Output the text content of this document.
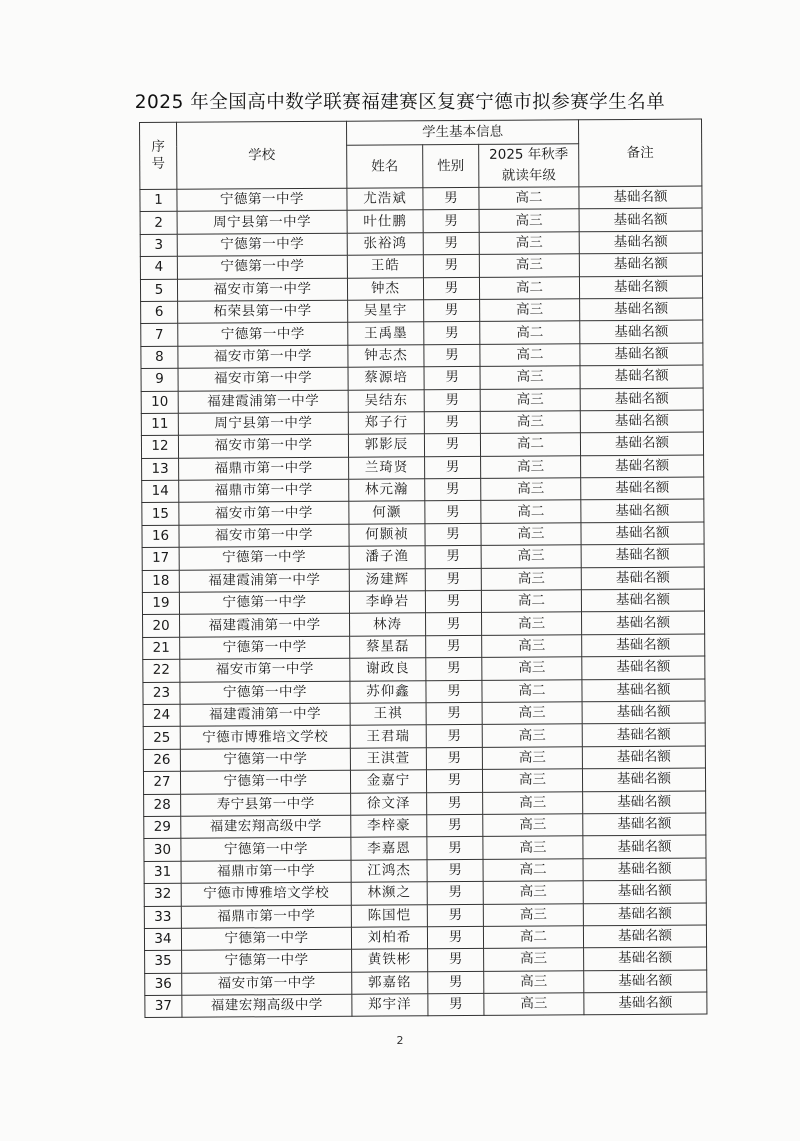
2025 年全国高中数学联赛福建赛区复赛宁德市拟参赛学生名单
序号	学校	学生基本信息			备注
		姓名	性别	2025 年秋季就读年级	

1	宁德第一中学	尤浩斌	男	高二	基础名额
2	周宁县第一中学	叶仕鹏	男	高三	基础名额
3	宁德第一中学	张裕鸿	男	高三	基础名额
4	宁德第一中学	王皓	男	高三	基础名额
5	福安市第一中学	钟杰	男	高二	基础名额
6	柘荣县第一中学	吴星宇	男	高三	基础名额
7	宁德第一中学	王禹墨	男	高二	基础名额
8	福安市第一中学	钟志杰	男	高二	基础名额
9	福安市第一中学	蔡源培	男	高三	基础名额
10	福建霞浦第一中学	吴结东	男	高三	基础名额
11	周宁县第一中学	郑子行	男	高三	基础名额
12	福安市第一中学	郭影辰	男	高二	基础名额
13	福鼎市第一中学	兰琦贤	男	高三	基础名额
14	福鼎市第一中学	林元瀚	男	高三	基础名额
15	福安市第一中学	何灏	男	高二	基础名额
16	福安市第一中学	何颢祯	男	高三	基础名额
17	宁德第一中学	潘子渔	男	高三	基础名额
18	福建霞浦第一中学	汤建辉	男	高三	基础名额
19	宁德第一中学	李峥岩	男	高二	基础名额
20	福建霞浦第一中学	林涛	男	高三	基础名额
21	宁德第一中学	蔡星磊	男	高三	基础名额
22	福安市第一中学	谢政良	男	高三	基础名额
23	宁德第一中学	苏仰鑫	男	高二	基础名额
24	福建霞浦第一中学	王祺	男	高三	基础名额
25	宁德市博雅培文学校	王君瑞	男	高三	基础名额
26	宁德第一中学	王淇萱	男	高三	基础名额
27	宁德第一中学	金嘉宁	男	高三	基础名额
28	寿宁县第一中学	徐文泽	男	高三	基础名额
29	福建宏翔高级中学	李梓豪	男	高三	基础名额
30	宁德第一中学	李嘉恩	男	高三	基础名额
31	福鼎市第一中学	江鸿杰	男	高二	基础名额
32	宁德市博雅培文学校	林濒之	男	高三	基础名额
33	福鼎市第一中学	陈国恺	男	高三	基础名额
34	宁德第一中学	刘柏希	男	高二	基础名额
35	宁德第一中学	黄铁彬	男	高三	基础名额
36	福安市第一中学	郭嘉铭	男	高三	基础名额
37	福建宏翔高级中学	郑宇洋	男	高三	基础名额
2
